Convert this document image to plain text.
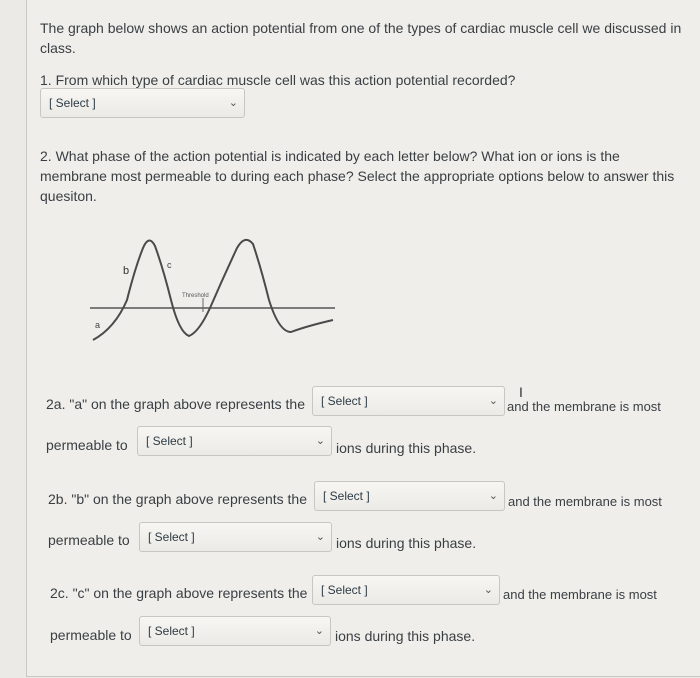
The graph below shows an action potential from one of the types of cardiac muscle cell we discussed in class.
1. From which type of cardiac muscle cell was this action potential recorded?
[ Select ]	⌄
2. What phase of the action potential is indicated by each letter below? What ion or ions is the membrane most permeable to during each phase? Select the appropriate options below to answer this quesiton.
a
b	c
Threshold
2a. "a" on the graph above represents the	[ Select ]	⌄ and the membrane is most
I
permeable to	[ Select ]	⌄ ions during this phase.
2b. "b" on the graph above represents the	[ Select ]	⌄ and the membrane is most
permeable to	[ Select ]	⌄ ions during this phase.
2c. "c" on the graph above represents the	[ Select ]	⌄ and the membrane is most
permeable to	[ Select ]	⌄ ions during this phase.
